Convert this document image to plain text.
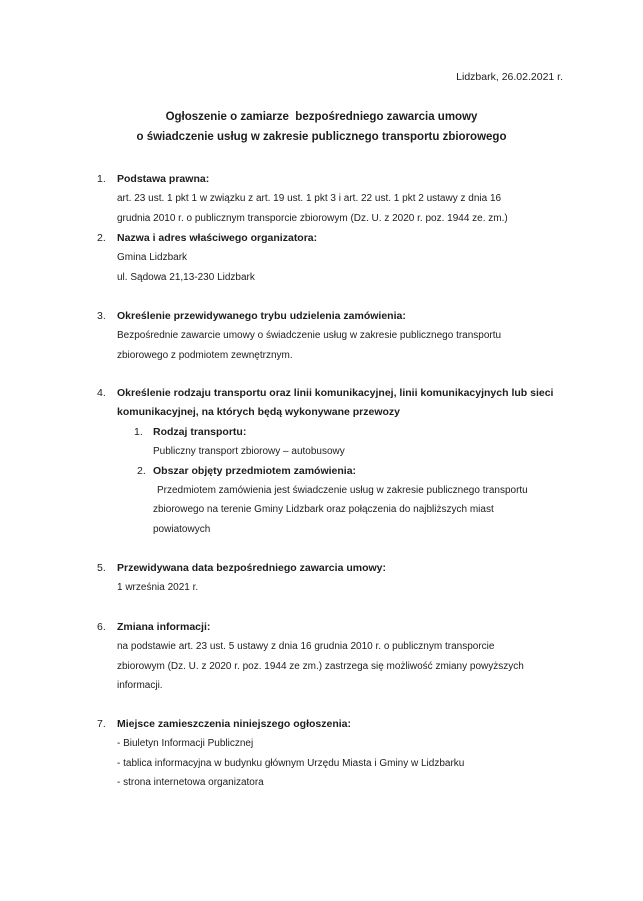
Lidzbark, 26.02.2021 r.
Ogłoszenie o zamiarze  bezpośredniego zawarcia umowy
o świadczenie usług w zakresie publicznego transportu zbiorowego
1. Podstawa prawna:
art. 23 ust. 1 pkt 1 w związku z art. 19 ust. 1 pkt 3 i art. 22 ust. 1 pkt 2 ustawy z dnia 16
grudnia 2010 r. o publicznym transporcie zbiorowym (Dz. U. z 2020 r. poz. 1944 ze. zm.)
2. Nazwa i adres właściwego organizatora:
Gmina Lidzbark
ul. Sądowa 21,13-230 Lidzbark
3. Określenie przewidywanego trybu udzielenia zamówienia:
Bezpośrednie zawarcie umowy o świadczenie usług w zakresie publicznego transportu
zbiorowego z podmiotem zewnętrznym.
4. Określenie rodzaju transportu oraz linii komunikacyjnej, linii komunikacyjnych lub sieci
komunikacyjnej, na których będą wykonywane przewozy
1. Rodzaj transportu:
Publiczny transport zbiorowy – autobusowy
2. Obszar objęty przedmiotem zamówienia:
Przedmiotem zamówienia jest świadczenie usług w zakresie publicznego transportu
zbiorowego na terenie Gminy Lidzbark oraz połączenia do najbliższych miast
powiatowych
5. Przewidywana data bezpośredniego zawarcia umowy:
1 września 2021 r.
6. Zmiana informacji:
na podstawie art. 23 ust. 5 ustawy z dnia 16 grudnia 2010 r. o publicznym transporcie
zbiorowym (Dz. U. z 2020 r. poz. 1944 ze zm.) zastrzega się możliwość zmiany powyższych
informacji.
7. Miejsce zamieszczenia niniejszego ogłoszenia:
- Biuletyn Informacji Publicznej
- tablica informacyjna w budynku głównym Urzędu Miasta i Gminy w Lidzbarku
- strona internetowa organizatora
